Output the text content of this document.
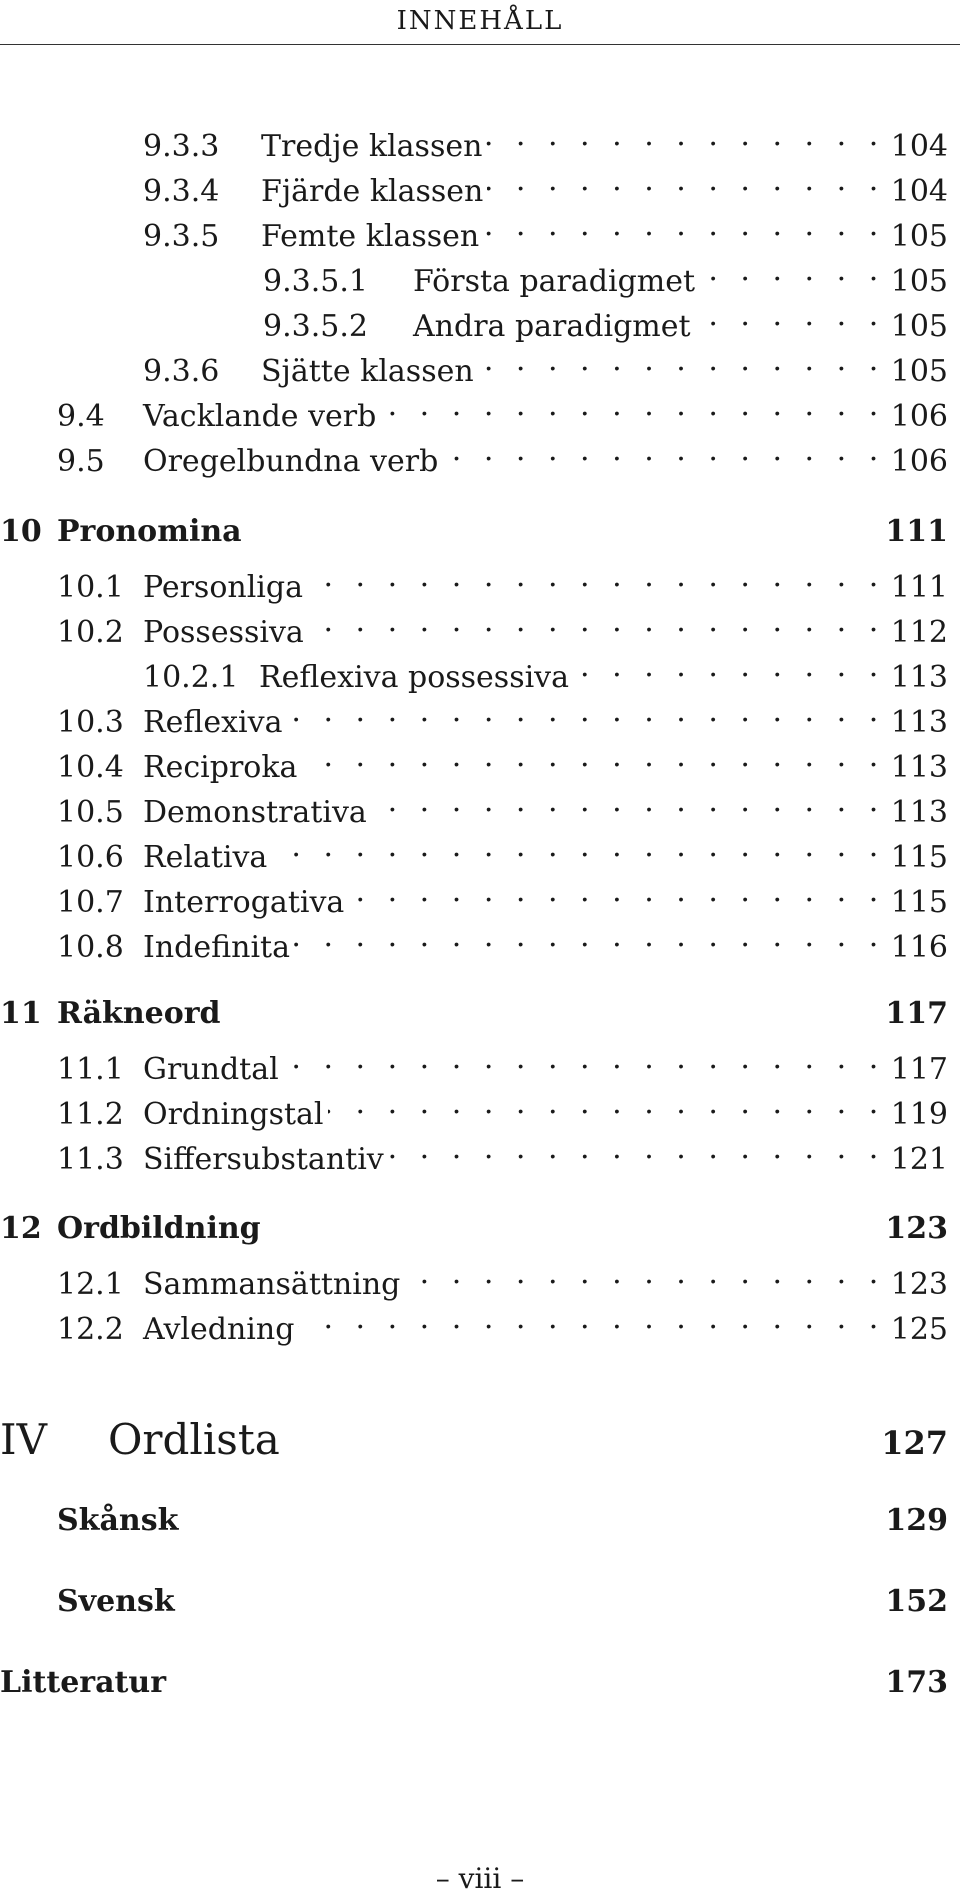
INNEHÅLL
9.3.3	Tredje klassen . . .	104
9.3.4	Fjärde klassen . . .	104
9.3.5	Femte klassen . . .	105
9.3.5.1	Första paradigmet . . .	105
9.3.5.2	Andra paradigmet . . .	105
9.3.6	Sjätte klassen . . .	105
9.4	Vacklande verb . . .	106
9.5	Oregelbundna verb . . .	106
10 Pronomina	111
10.1 Personliga . . .	111
10.2 Possessiva . . .	112
10.2.1 Reflexiva possessiva . . .	113
10.3 Reflexiva . . .	113
10.4 Reciproka . . .	113
10.5 Demonstrativa . . .	113
10.6 Relativa . . .	115
10.7 Interrogativa . . .	115
10.8 Indefinita . . .	116
11 Räkneord	117
11.1 Grundtal . . .	117
11.2 Ordningstal . . .	119
11.3 Siffersubstantiv . . .	121
12 Ordbildning	123
12.1 Sammansättning . . .	123
12.2 Avledning . . .	125
IV	Ordlista	127
Skånsk	129
Svensk	152
Litteratur	173
– viii –
